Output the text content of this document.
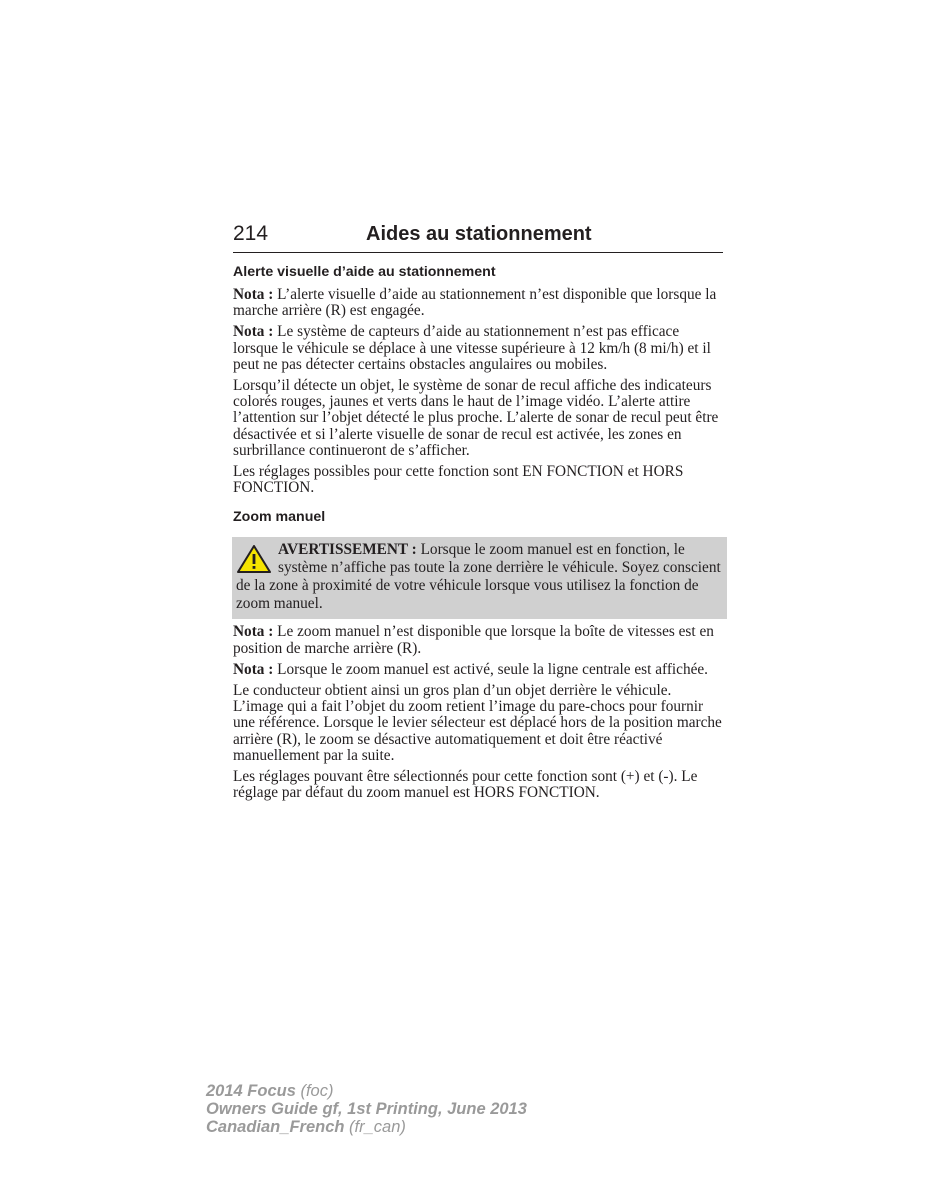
214	Aides au stationnement
Alerte visuelle d’aide au stationnement

Nota : L’alerte visuelle d’aide au stationnement n’est disponible que lorsque la marche arrière (R) est engagée.

Nota : Le système de capteurs d’aide au stationnement n’est pas efficace lorsque le véhicule se déplace à une vitesse supérieure à 12 km/h (8 mi/h) et il peut ne pas détecter certains obstacles angulaires ou mobiles.

Lorsqu’il détecte un objet, le système de sonar de recul affiche des indicateurs colorés rouges, jaunes et verts dans le haut de l’image vidéo. L’alerte attire l’attention sur l’objet détecté le plus proche. L’alerte de sonar de recul peut être désactivée et si l’alerte visuelle de sonar de recul est activée, les zones en surbrillance continueront de s’afficher.

Les réglages possibles pour cette fonction sont EN FONCTION et HORS FONCTION.

Zoom manuel

AVERTISSEMENT : Lorsque le zoom manuel est en fonction, le système n’affiche pas toute la zone derrière le véhicule. Soyez conscient de la zone à proximité de votre véhicule lorsque vous utilisez la fonction de zoom manuel.

Nota : Le zoom manuel n’est disponible que lorsque la boîte de vitesses est en position de marche arrière (R).

Nota : Lorsque le zoom manuel est activé, seule la ligne centrale est affichée.

Le conducteur obtient ainsi un gros plan d’un objet derrière le véhicule. L’image qui a fait l’objet du zoom retient l’image du pare-chocs pour fournir une référence. Lorsque le levier sélecteur est déplacé hors de la position marche arrière (R), le zoom se désactive automatiquement et doit être réactivé manuellement par la suite.

Les réglages pouvant être sélectionnés pour cette fonction sont (+) et (-). Le réglage par défaut du zoom manuel est HORS FONCTION.

2014 Focus (foc)
Owners Guide gf, 1st Printing, June 2013
Canadian_French (fr_can)
